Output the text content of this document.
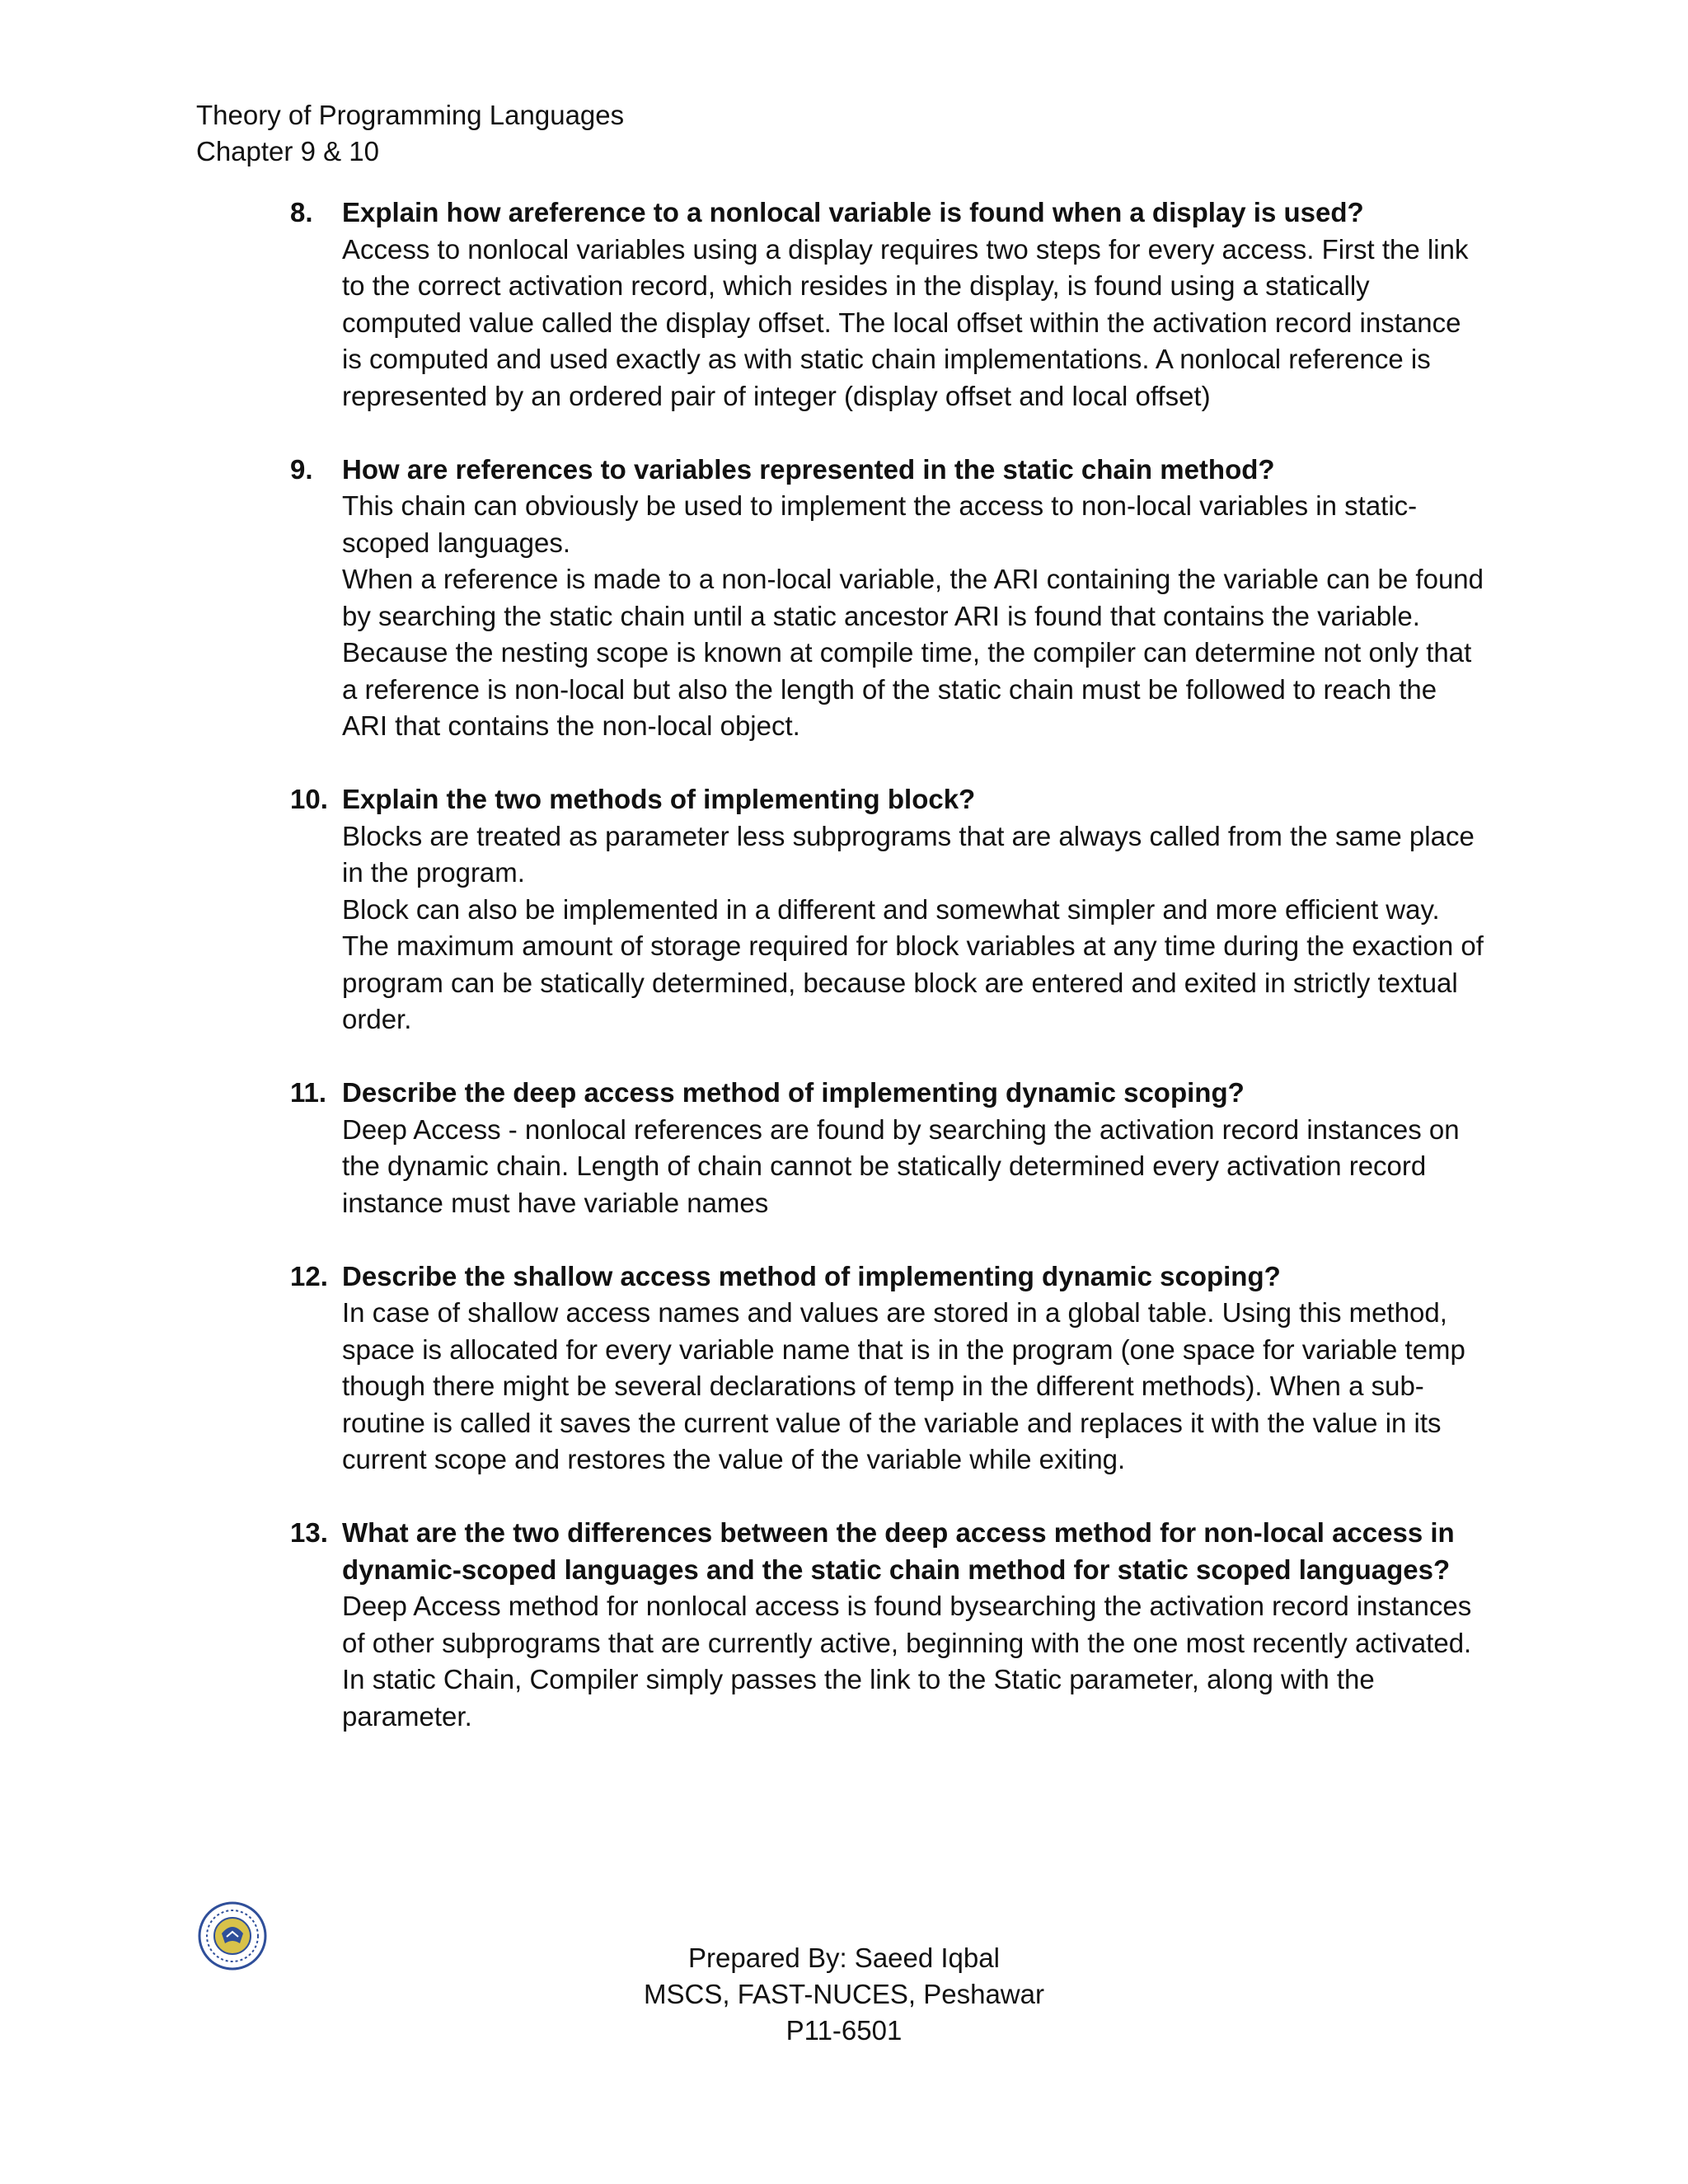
Theory of Programming Languages
Chapter 9 & 10
8. Explain how areference to a nonlocal variable is found when a display is used?

Access to nonlocal variables using a display requires two steps for every access. First the link to the correct activation record, which resides in the display, is found using a statically computed value called the display offset. The local offset within the activation record instance is computed and used exactly as with static chain implementations. A nonlocal reference is represented by an ordered pair of integer (display offset and local offset)

9. How are references to variables represented in the static chain method?

This chain can obviously be used to implement the access to non-local variables in static-scoped languages.

When a reference is made to a non-local variable, the ARI containing the variable can be found by searching the static chain until a static ancestor ARI is found that contains the variable.

Because the nesting scope is known at compile time, the compiler can determine not only that a reference is non-local but also the length of the static chain must be followed to reach the ARI that contains the non-local object.

10. Explain the two methods of implementing block?

Blocks are treated as parameter less subprograms that are always called from the same place in the program.

Block can also be implemented in a different and somewhat simpler and more efficient way. The maximum amount of storage required for block variables at any time during the exaction of program can be statically determined, because block are entered and exited in strictly textual order.

11. Describe the deep access method of implementing dynamic scoping?

Deep Access - nonlocal references are found by searching the activation record instances on the dynamic chain. Length of chain cannot be statically determined every activation record instance must have variable names

12. Describe the shallow access method of implementing dynamic scoping?

In case of shallow access names and values are stored in a global table. Using this method, space is allocated for every variable name that is in the program (one space for variable temp though there might be several declarations of temp in the different methods). When a sub-routine is called it saves the current value of the variable and replaces it with the value in its current scope and restores the value of the variable while exiting.

13. What are the two differences between the deep access method for non-local access in dynamic-scoped languages and the static chain method for static scoped languages?

Deep Access method for nonlocal access is found bysearching the activation record instances of other subprograms that are currently active, beginning with the one most recently activated.

In static Chain, Compiler simply passes the link to the Static parameter, along with the parameter.

Prepared By: Saeed Iqbal
MSCS, FAST-NUCES, Peshawar
P11-6501
